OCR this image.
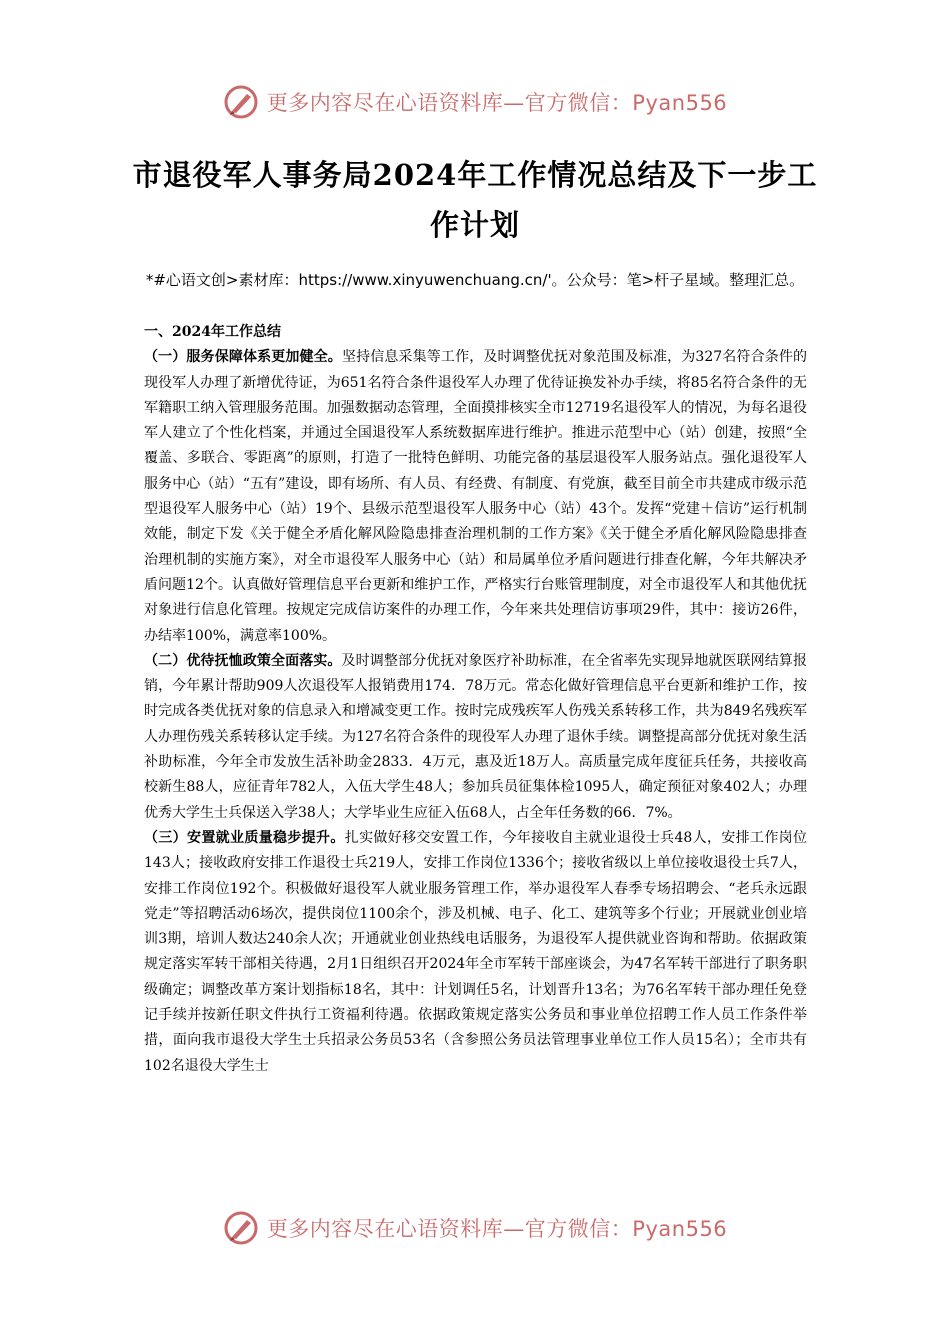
更多内容尽在心语资料库—官方微信：Pyan556
市退役军人事务局2024年工作情况总结及下一步工作计划
*#心语文创>素材库：https://www.xinyuwenchuang.cn/'。公众号：笔>杆子星域。整理汇总。

一、2024年工作总结

（一）服务保障体系更加健全。坚持信息采集等工作，及时调整优抚对象范围及标准，为327名符合条件的现役军人办理了新增优待证，为651名符合条件退役军人办理了优待证换发补办手续，将85名符合条件的无军籍职工纳入管理服务范围。加强数据动态管理，全面摸排核实全市12719名退役军人的情况，为每名退役军人建立了个性化档案，并通过全国退役军人系统数据库进行维护。推进示范型中心（站）创建，按照“全覆盖、多联合、零距离”的原则，打造了一批特色鲜明、功能完备的基层退役军人服务站点。强化退役军人服务中心（站）“五有”建设，即有场所、有人员、有经费、有制度、有党旗，截至目前全市共建成市级示范型退役军人服务中心（站）19个、县级示范型退役军人服务中心（站）43个。发挥“党建＋信访”运行机制效能，制定下发《关于健全矛盾化解风险隐患排查治理机制的工作方案》《关于健全矛盾化解风险隐患排查治理机制的实施方案》，对全市退役军人服务中心（站）和局属单位矛盾问题进行排查化解，今年共解决矛盾问题12个。认真做好管理信息平台更新和维护工作，严格实行台账管理制度，对全市退役军人和其他优抚对象进行信息化管理。按规定完成信访案件的办理工作，今年来共处理信访事项29件，其中：接访26件，办结率100%，满意率100%。

（二）优待抚恤政策全面落实。及时调整部分优抚对象医疗补助标准，在全省率先实现异地就医联网结算报销，今年累计帮助909人次退役军人报销费用174．78万元。常态化做好管理信息平台更新和维护工作，按时完成各类优抚对象的信息录入和增减变更工作。按时完成残疾军人伤残关系转移工作，共为849名残疾军人办理伤残关系转移认定手续。为127名符合条件的现役军人办理了退休手续。调整提高部分优抚对象生活补助标准，今年全市发放生活补助金2833．4万元，惠及近18万人。高质量完成年度征兵任务，共接收高校新生88人，应征青年782人，入伍大学生48人；参加兵员征集体检1095人，确定预征对象402人；办理优秀大学生士兵保送入学38人；大学毕业生应征入伍68人，占全年任务数的66．7%。

（三）安置就业质量稳步提升。扎实做好移交安置工作，今年接收自主就业退役士兵48人，安排工作岗位143人；接收政府安排工作退役士兵219人，安排工作岗位1336个；接收省级以上单位接收退役士兵7人，安排工作岗位192个。积极做好退役军人就业服务管理工作，举办退役军人春季专场招聘会、“老兵永远跟党走”等招聘活动6场次，提供岗位1100余个，涉及机械、电子、化工、建筑等多个行业；开展就业创业培训3期，培训人数达240余人次；开通就业创业热线电话服务，为退役军人提供就业咨询和帮助。依据政策规定落实军转干部相关待遇，2月1日组织召开2024年全市军转干部座谈会，为47名军转干部进行了职务职级确定；调整改革方案计划指标18名，其中：计划调任5名，计划晋升13名；为76名军转干部办理任免登记手续并按新任职文件执行工资福利待遇。依据政策规定落实公务员和事业单位招聘工作人员工作条件举措，面向我市退役大学生士兵招录公务员53名（含参照公务员法管理事业单位工作人员15名）；全市共有102名退役大学生士

更多内容尽在心语资料库—官方微信：Pyan556
